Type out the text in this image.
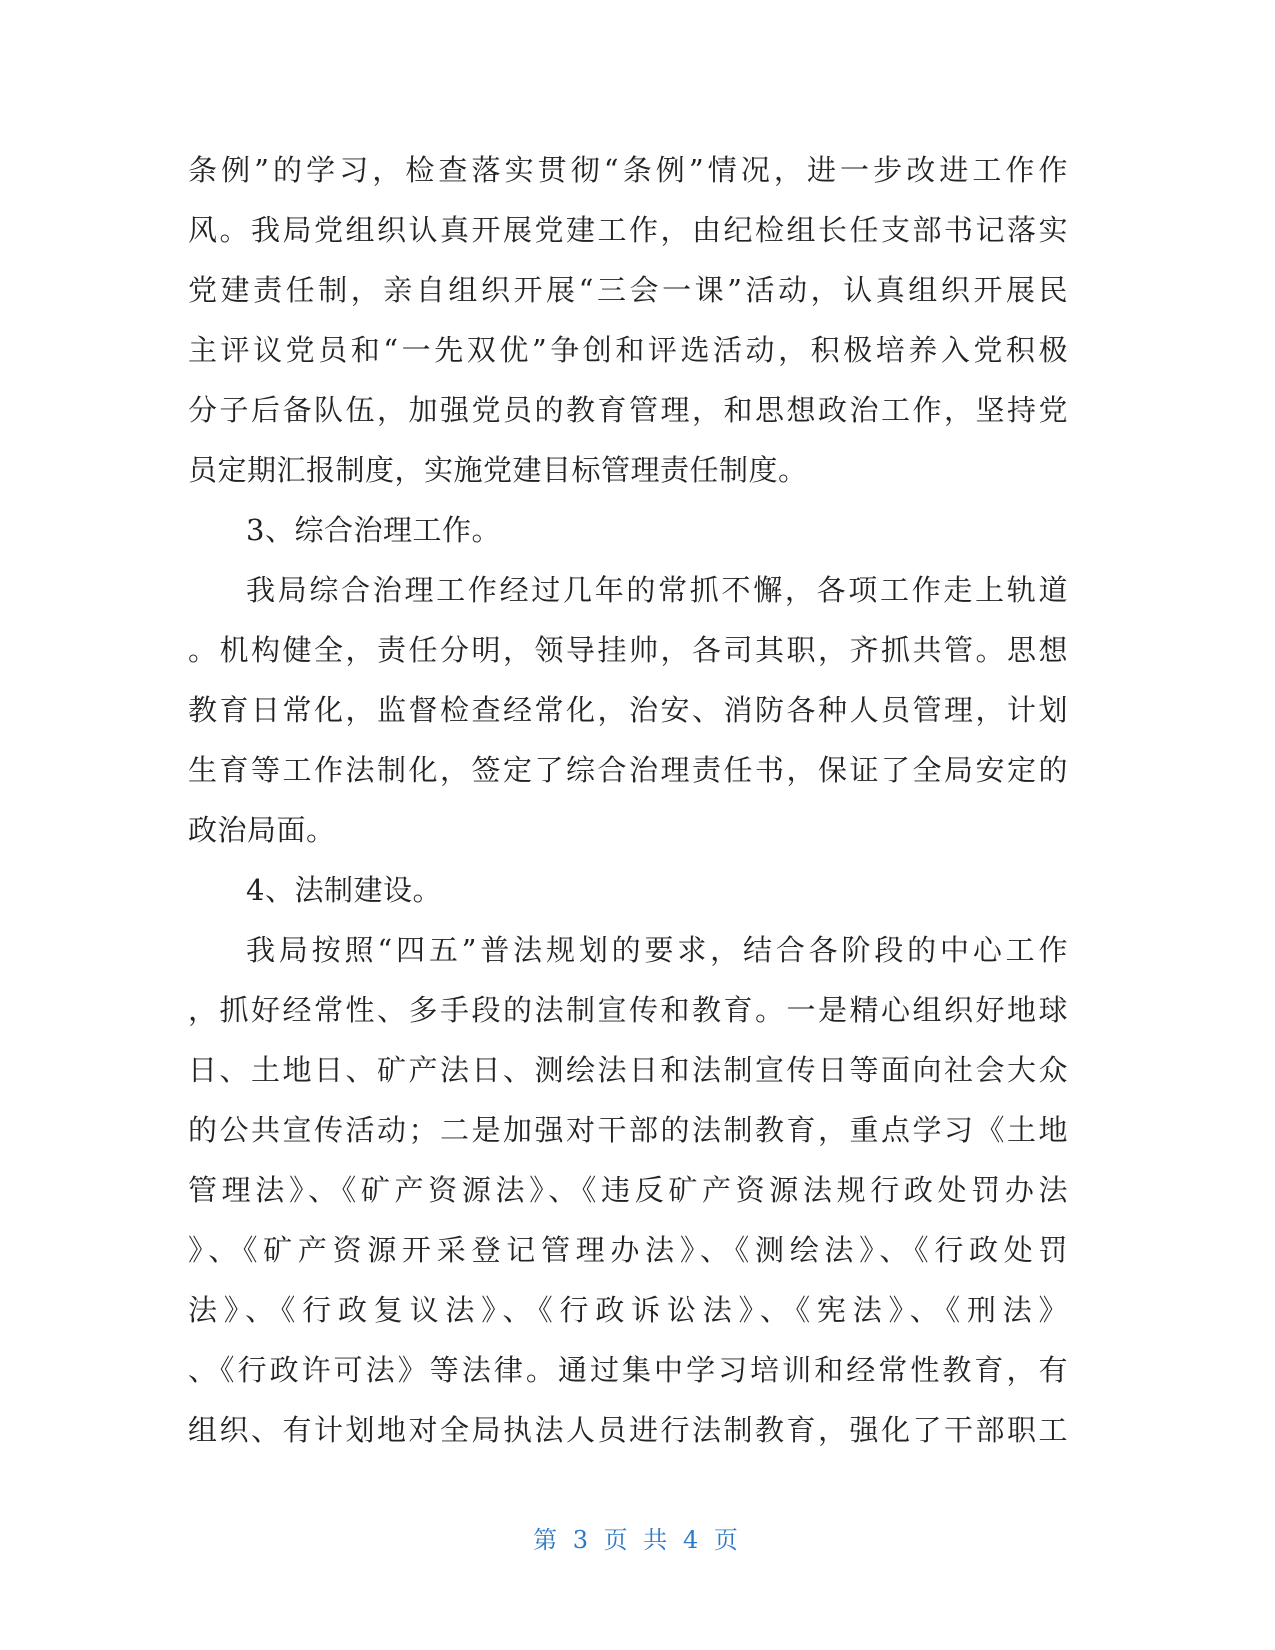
条例”的学习，检查落实贯彻“条例”情况，进一步改进工作作
风。我局党组织认真开展党建工作，由纪检组长任支部书记落实
党建责任制，亲自组织开展“三会一课”活动，认真组织开展民
主评议党员和“一先双优”争创和评选活动，积极培养入党积极
分子后备队伍，加强党员的教育管理，和思想政治工作，坚持党
员定期汇报制度，实施党建目标管理责任制度。
3、综合治理工作。
我局综合治理工作经过几年的常抓不懈，各项工作走上轨道
。机构健全，责任分明，领导挂帅，各司其职，齐抓共管。思想
教育日常化，监督检查经常化，治安、消防各种人员管理，计划
生育等工作法制化，签定了综合治理责任书，保证了全局安定的
政治局面。
4、法制建设。
我局按照“四五”普法规划的要求，结合各阶段的中心工作
，抓好经常性、多手段的法制宣传和教育。一是精心组织好地球
日、土地日、矿产法日、测绘法日和法制宣传日等面向社会大众
的公共宣传活动；二是加强对干部的法制教育，重点学习《土地
管理法》、《矿产资源法》、《违反矿产资源法规行政处罚办法
》、《矿产资源开采登记管理办法》、《测绘法》、《行政处罚
法》、《行政复议法》、《行政诉讼法》、《宪法》、《刑法》
、《行政许可法》等法律。通过集中学习培训和经常性教育，有
组织、有计划地对全局执法人员进行法制教育，强化了干部职工
第 3 页 共 4 页
